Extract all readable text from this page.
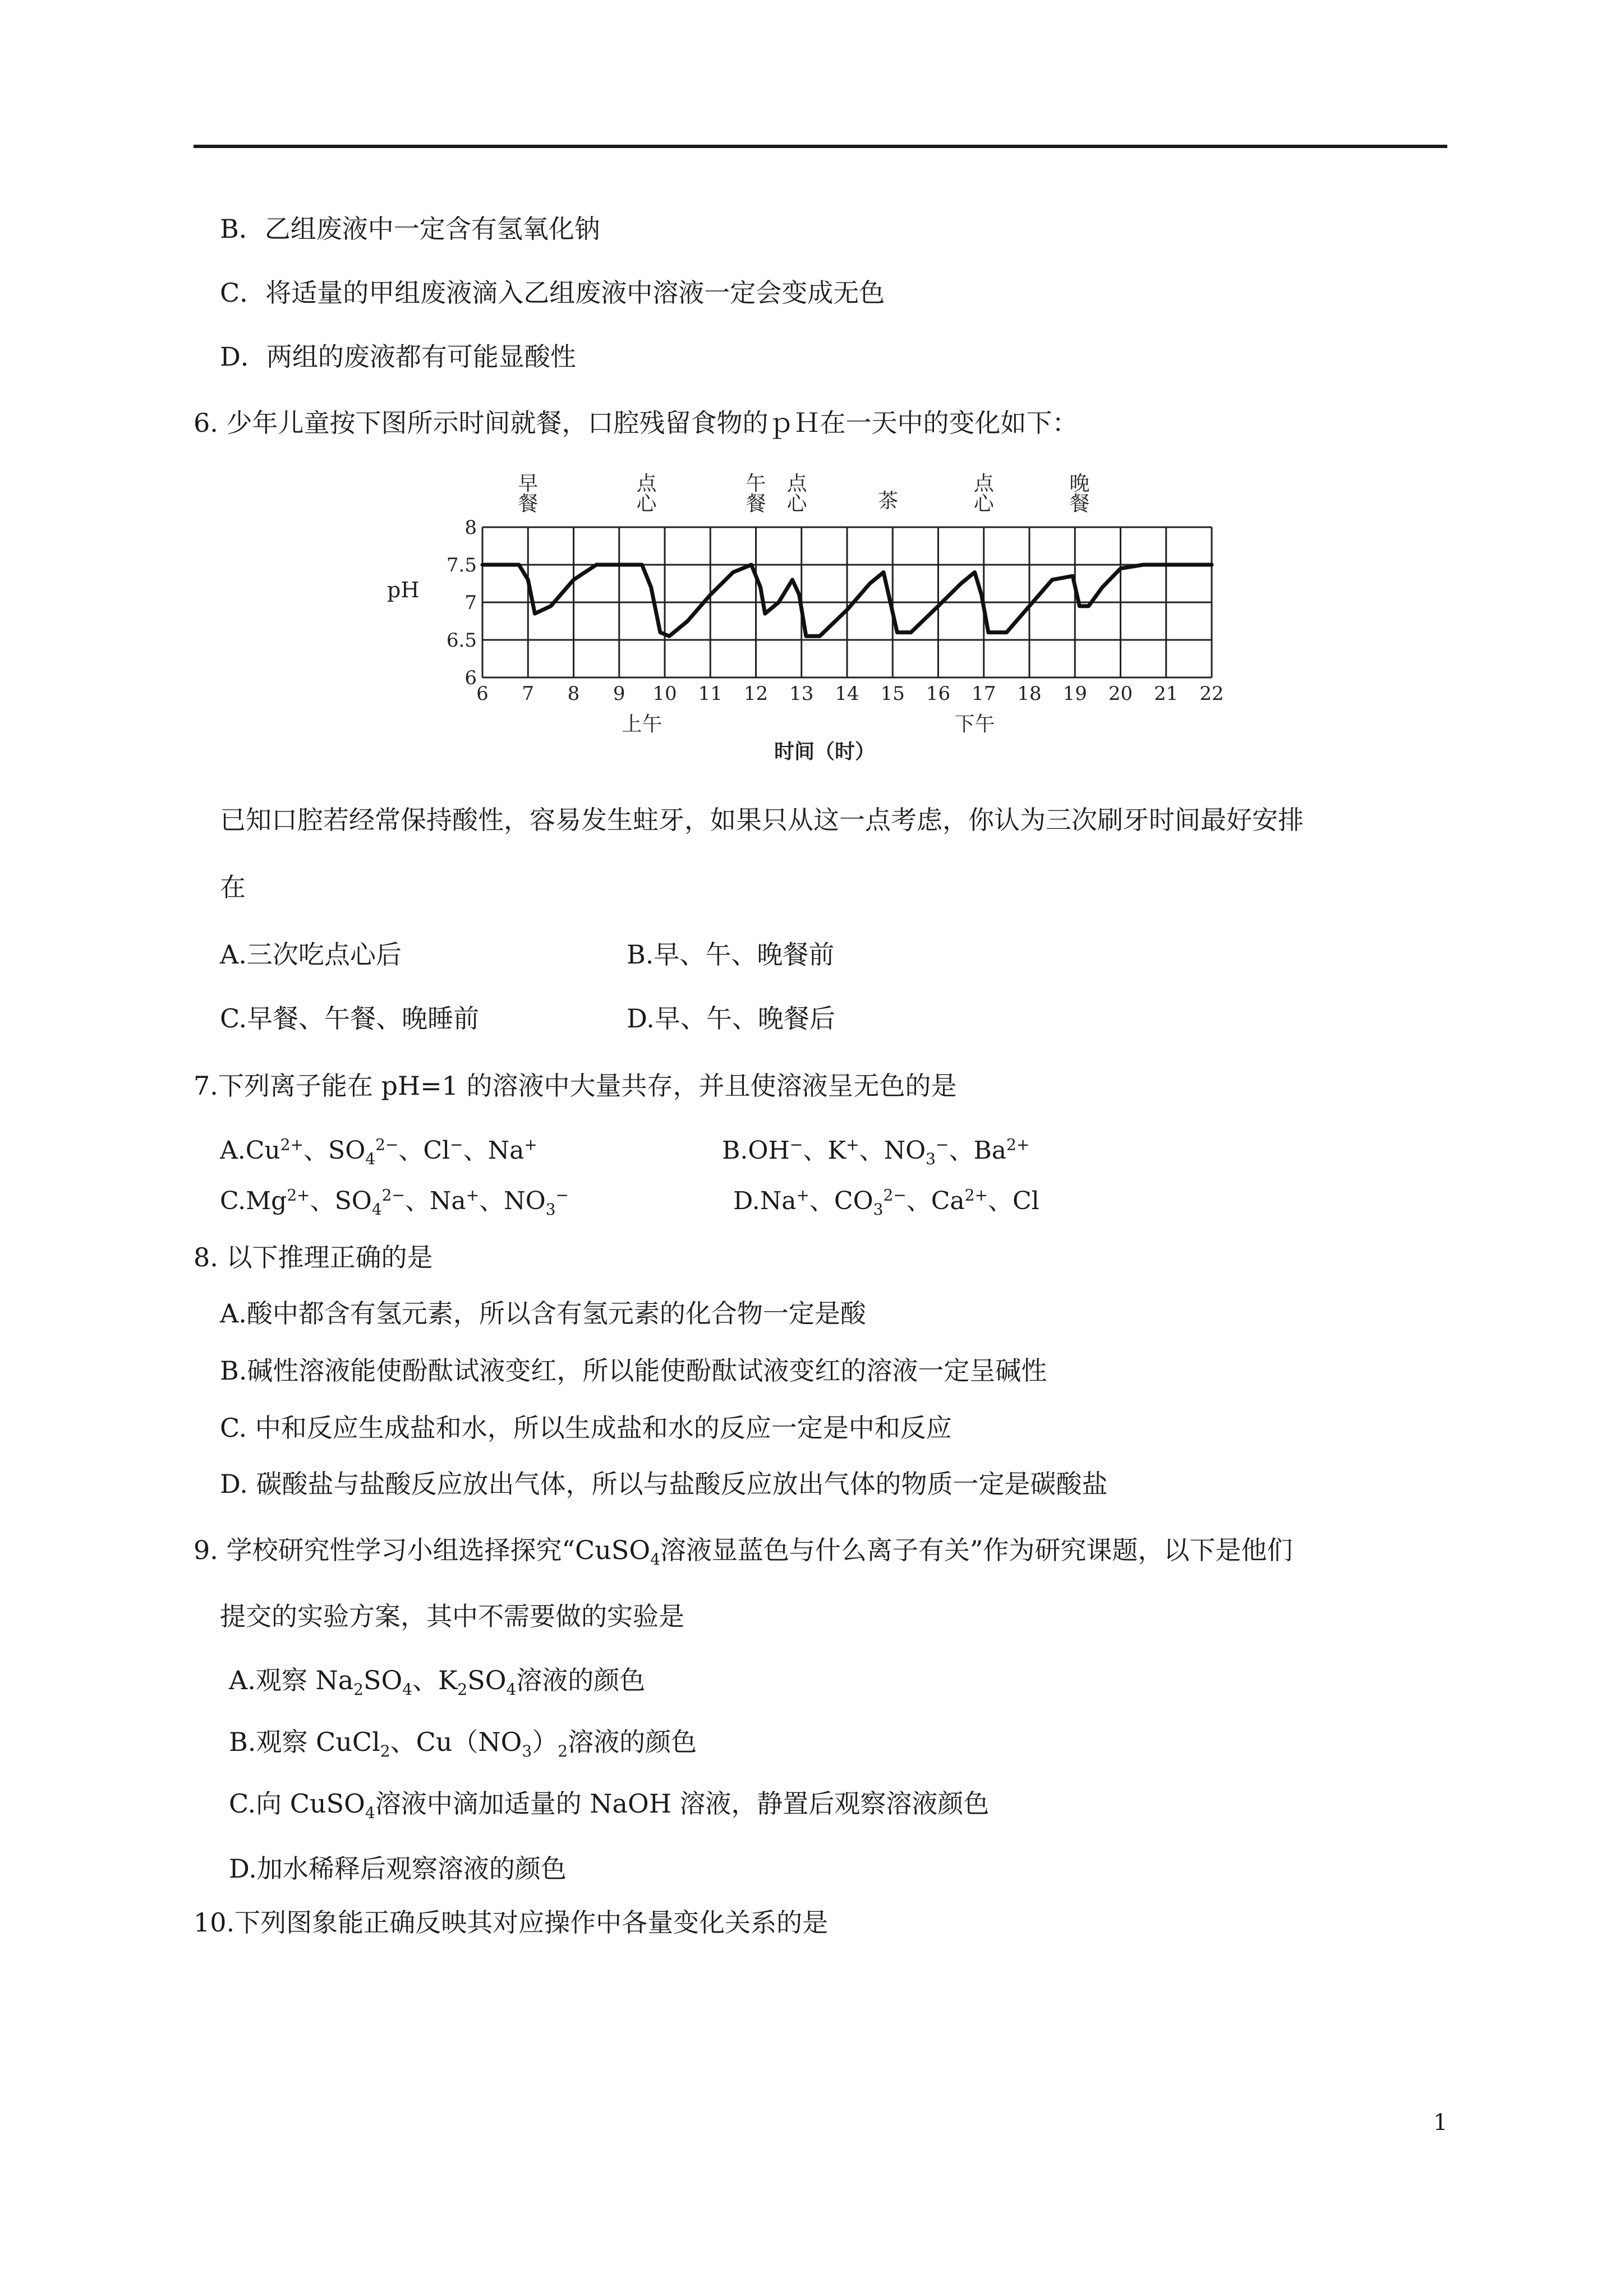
B．乙组废液中一定含有氢氧化钠
C．将适量的甲组废液滴入乙组废液中溶液一定会变成无色
D．两组的废液都有可能显酸性
6. 少年儿童按下图所示时间就餐，口腔残留食物的ｐＨ在一天中的变化如下：
6 7 8 9 10 11 12 13 14 15 16 17 18 19 20 21 22
6
6.5
7
7.5
8
pH
时间（时）
上午	下午
早
餐
点
心
午
餐
点
心	茶
点
心
晚
餐
已知口腔若经常保持酸性，容易发生蛀牙，如果只从这一点考虑，你认为三次刷牙时间最好安排
在
A.三次吃点心后	B.早、午、晚餐前
C.早餐、午餐、晚睡前	D.早、午、晚餐后
7.下列离子能在 pH=1 的溶液中大量共存，并且使溶液呈无色的是
$A.Cu^{2+}$、$SO_4^{2-}$、Cl−、Na+	B.OH−、K+、$NO_3^-$、$Ba^{2+}$
$C.Mg^{2+}$、$SO_4^{2-}$、Na+、$NO_3^-$	D.Na+、$CO_3^{2-}$、$Ca^{2+}$、Cl
8. 以下推理正确的是
A.酸中都含有氢元素，所以含有氢元素的化合物一定是酸
B.碱性溶液能使酚酞试液变红，所以能使酚酞试液变红的溶液一定呈碱性
C. 中和反应生成盐和水，所以生成盐和水的反应一定是中和反应
D. 碳酸盐与盐酸反应放出气体，所以与盐酸反应放出气体的物质一定是碳酸盐
9. 学校研究性学习小组选择探究“CuSO$_4$溶液显蓝色与什么离子有关”作为研究课题，以下是他们
提交的实验方案，其中不需要做的实验是
A.观察 $Na_2SO_4$、$K_2SO_4$溶液的颜色
B.观察 CuCl$_2$、$Cu(NO_3)_2$溶液的颜色
C.向 CuSO$_4$溶液中滴加适量的 NaOH 溶液，静置后观察溶液颜色
D.加水稀释后观察溶液的颜色
10.下列图象能正确反映其对应操作中各量变化关系的是
1
